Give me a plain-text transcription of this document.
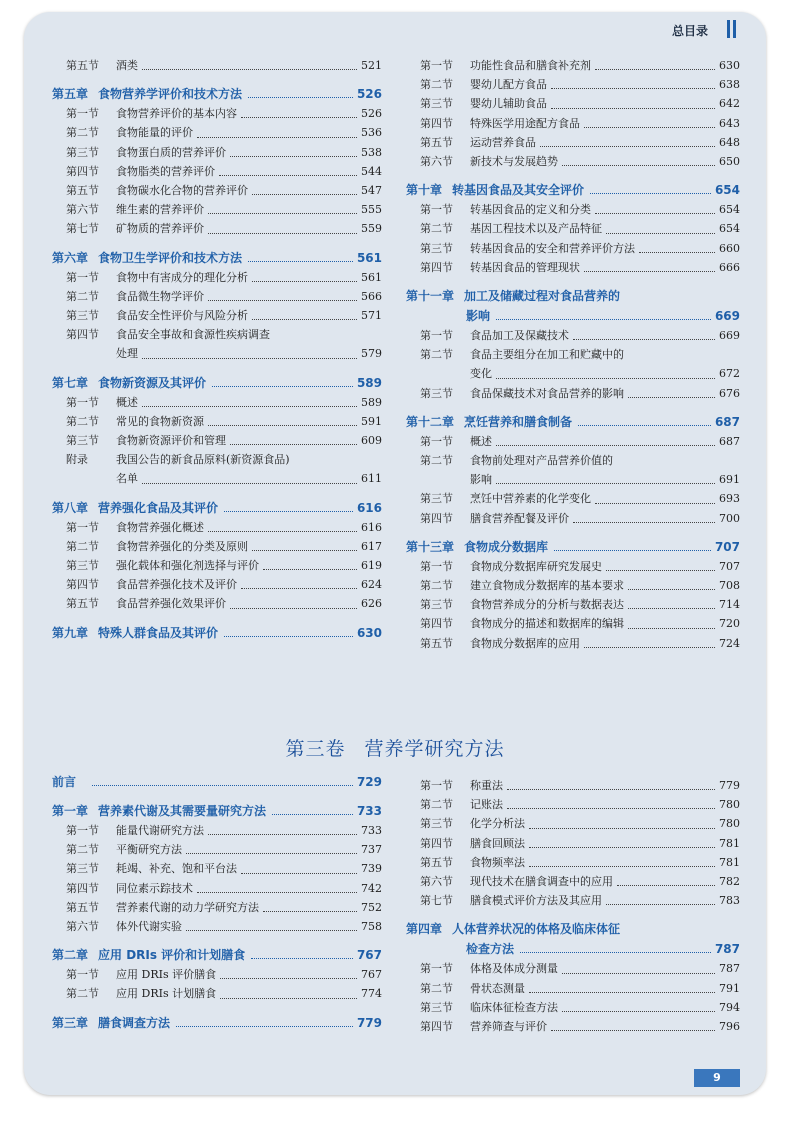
总目录
第五节	酒类	521
第五章 食物营养学评价和技术方法	526
第一节	食物营养评价的基本内容	526
第二节	食物能量的评价	536
第三节	食物蛋白质的营养评价	538
第四节	食物脂类的营养评价	544
第五节	食物碳水化合物的营养评价	547
第六节	维生素的营养评价	555
第七节	矿物质的营养评价	559
第六章 食物卫生学评价和技术方法	561
第一节	食物中有害成分的理化分析	561
第二节	食品微生物学评价	566
第三节	食品安全性评价与风险分析	571
第四节	食品安全事故和食源性疾病调查
处理	579
第七章 食物新资源及其评价	589
第一节	概述	589
第二节	常见的食物新资源	591
第三节	食物新资源评价和管理	609
附录	我国公告的新食品原料(新资源食品)
名单	611
第八章 营养强化食品及其评价	616
第一节	食物营养强化概述	616
第二节	食物营养强化的分类及原则	617
第三节	强化载体和强化剂选择与评价	619
第四节	食品营养强化技术及评价	624
第五节	食品营养强化效果评价	626
第九章 特殊人群食品及其评价	630
第一节	功能性食品和膳食补充剂	630
第二节	婴幼儿配方食品	638
第三节	婴幼儿辅助食品	642
第四节	特殊医学用途配方食品	643
第五节	运动营养食品	648
第六节	新技术与发展趋势	650
第十章 转基因食品及其安全评价	654
第一节	转基因食品的定义和分类	654
第二节	基因工程技术以及产品特征	654
第三节	转基因食品的安全和营养评价方法	660
第四节	转基因食品的管理现状	666
第十一章 加工及储藏过程对食品营养的
影响	669
第一节	食品加工及保藏技术	669
第二节	食品主要组分在加工和贮藏中的
变化	672
第三节	食品保藏技术对食品营养的影响	676
第十二章 烹饪营养和膳食制备	687
第一节	概述	687
第二节	食物前处理对产品营养价值的
影响	691
第三节	烹饪中营养素的化学变化	693
第四节	膳食营养配餐及评价	700
第十三章 食物成分数据库	707
第一节	食物成分数据库研究发展史	707
第二节	建立食物成分数据库的基本要求	708
第三节	食物营养成分的分析与数据表达	714
第四节	食物成分的描述和数据库的编辑	720
第五节	食物成分数据库的应用	724
第三卷 营养学研究方法
前言	729
第一章 营养素代谢及其需要量研究方法	733
第一节	能量代谢研究方法	733
第二节	平衡研究方法	737
第三节	耗竭、补充、饱和平台法	739
第四节	同位素示踪技术	742
第五节	营养素代谢的动力学研究方法	752
第六节	体外代谢实验	758
第二章 应用 DRIs 评价和计划膳食	767
第一节	应用 DRIs 评价膳食	767
第二节	应用 DRIs 计划膳食	774
第三章 膳食调查方法	779
第一节	称重法	779
第二节	记账法	780
第三节	化学分析法	780
第四节	膳食回顾法	781
第五节	食物频率法	781
第六节	现代技术在膳食调查中的应用	782
第七节	膳食模式评价方法及其应用	783
第四章 人体营养状况的体格及临床体征
检查方法	787
第一节	体格及体成分测量	787
第二节	骨状态测量	791
第三节	临床体征检查方法	794
第四节	营养筛查与评价	796
9
